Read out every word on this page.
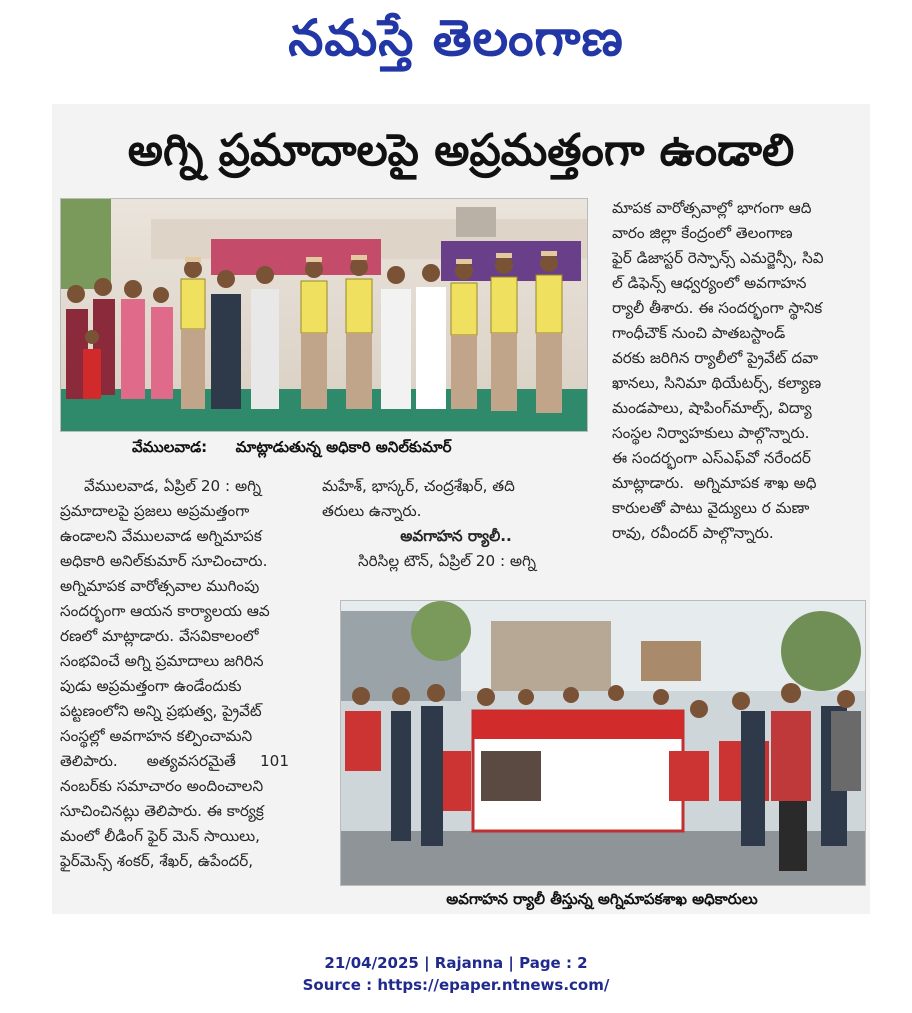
నమస్తే తెలంగాణ
అగ్ని ప్రమాదాలపై అప్రమత్తంగా ఉండాలి
వేములవాడ: మాట్లాడుతున్న అధికారి అనిల్‌కుమార్
వేములవాడ, ఏప్రిల్ 20 : అగ్ని
ప్రమాదాలపై ప్రజలు అప్రమత్తంగా
ఉండాలని వేములవాడ అగ్నిమాపక
అధికారి అనిల్‌కుమార్ సూచించారు.
అగ్నిమాపక వారోత్సవాల ముగింపు
సందర్భంగా ఆయన కార్యాలయ ఆవ
రణలో మాట్లాడారు. వేసవికాలంలో
సంభవించే అగ్ని ప్రమాదాలు జగిరిన
పుడు అప్రమత్తంగా ఉండేందుకు
పట్టణంలోని అన్ని ప్రభుత్వ, ప్రైవేట్
సంస్థల్లో అవగాహన కల్పించామని
తెలిపారు.      అత్యవసరమైతే     101
నంబర్‌కు సమాచారం అందించాలని
సూచించినట్లు తెలిపారు. ఈ కార్యక్ర
మంలో లీడింగ్ ఫైర్ మెన్ సాయిలు,
ఫైర్‌మెన్స్ శంకర్, శేఖర్, ఉపేందర్,
మహేశ్, భాస్కర్, చంద్రశేఖర్, తది
తరులు ఉన్నారు.
అవగాహన ర్యాలీ..
సిరిసిల్ల టౌన్, ఏప్రిల్ 20 : అగ్ని
మాపక వారోత్సవాల్లో భాగంగా ఆది
వారం జిల్లా కేంద్రంలో తెలంగాణ
ఫైర్ డిజాస్టర్ రెస్పాన్స్ ఎమర్జెన్సీ, సివి
ల్ డిఫెన్స్ ఆధ్వర్యంలో అవగాహన
ర్యాలీ తీశారు. ఈ సందర్భంగా స్థానిక
గాంధీచౌక్ నుంచి పాతబస్టాండ్
వరకు జరిగిన ర్యాలీలో ప్రైవేట్ దవా
ఖానలు, సినిమా థియేటర్స్, కల్యాణ
మండపాలు, షాపింగ్‌మాల్స్, విద్యా
సంస్థల నిర్వాహకులు పాల్గొన్నారు.
ఈ సందర్భంగా ఎస్ఎఫ్‌వో నరేందర్
మాట్లాడారు.  అగ్నిమాపక శాఖ అధి
కారులతో పాటు వైద్యులు ర మణా
రావు, రవీందర్ పాల్గొన్నారు.
అవగాహన ర్యాలీ తీస్తున్న అగ్నిమాపకశాఖ అధికారులు
21/04/2025 | Rajanna | Page : 2
Source : https://epaper.ntnews.com/
